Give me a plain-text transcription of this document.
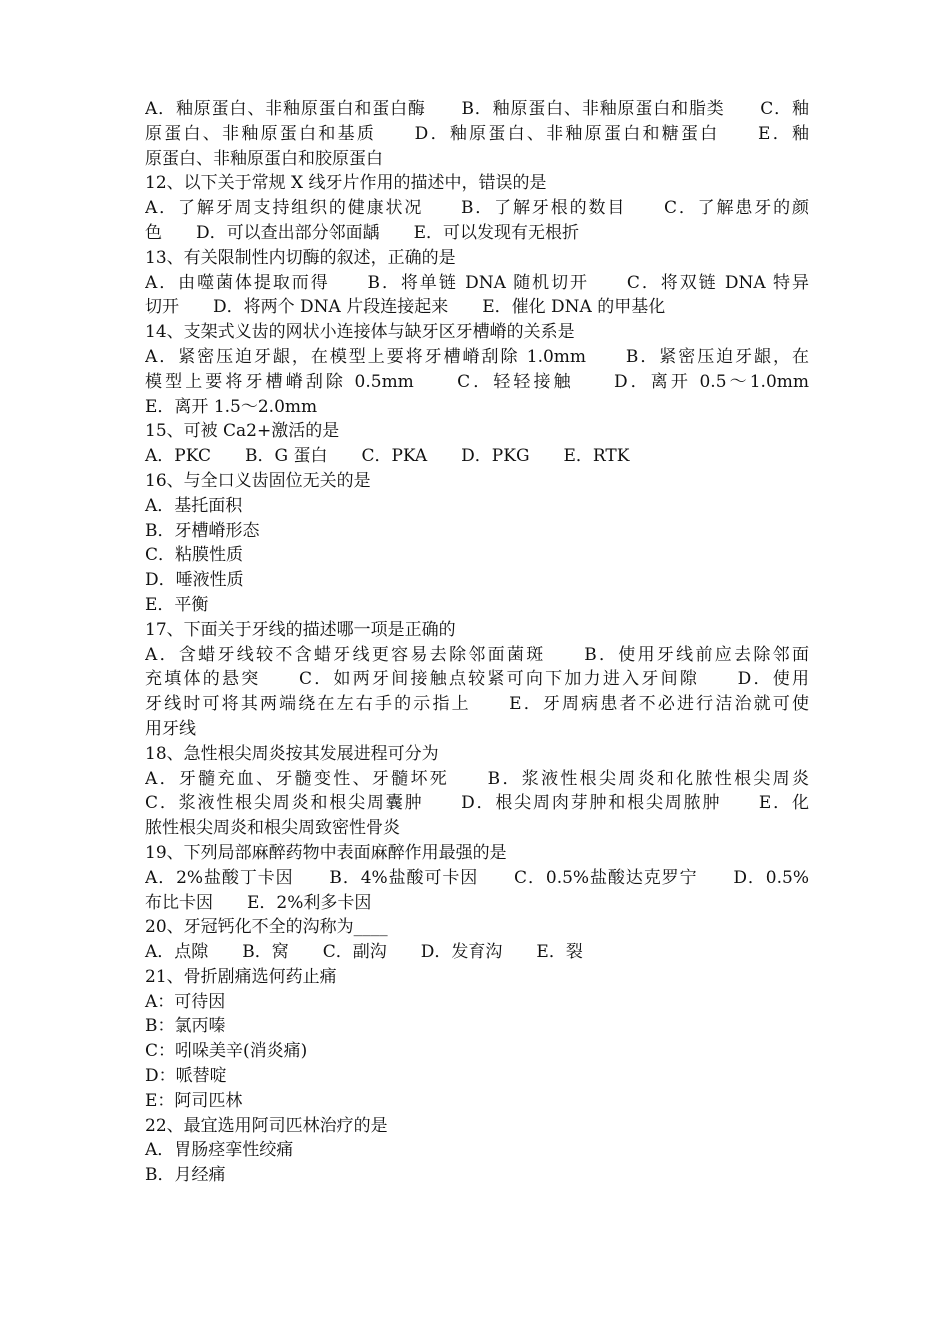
A．釉原蛋白、非釉原蛋白和蛋白酶　　B．釉原蛋白、非釉原蛋白和脂类　　C．釉
原蛋白、非釉原蛋白和基质　　D．釉原蛋白、非釉原蛋白和糖蛋白　　E．釉
原蛋白、非釉原蛋白和胶原蛋白
12、以下关于常规 X 线牙片作用的描述中，错误的是
A．了解牙周支持组织的健康状况　　B．了解牙根的数目　　C．了解患牙的颜
色　　D．可以查出部分邻面龋　　E．可以发现有无根折
13、有关限制性内切酶的叙述，正确的是
A．由噬菌体提取而得　　B．将单链 DNA 随机切开　　C．将双链 DNA 特异
切开　　D．将两个 DNA 片段连接起来　　E．催化 DNA 的甲基化
14、支架式义齿的网状小连接体与缺牙区牙槽嵴的关系是
A．紧密压迫牙龈，在模型上要将牙槽嵴刮除 1.0mm　　B．紧密压迫牙龈，在
模型上要将牙槽嵴刮除 0.5mm　　C．轻轻接触　　D．离开 0.5～1.0mm
E．离开 1.5～2.0mm
15、可被 Ca2+激活的是
A．PKC　　B．G 蛋白　　C．PKA　　D．PKG　　E．RTK
16、与全口义齿固位无关的是
A．基托面积
B．牙槽嵴形态
C．粘膜性质
D．唾液性质
E．平衡
17、下面关于牙线的描述哪一项是正确的
A．含蜡牙线较不含蜡牙线更容易去除邻面菌斑　　B．使用牙线前应去除邻面
充填体的悬突　　C．如两牙间接触点较紧可向下加力进入牙间隙　　D．使用
牙线时可将其两端绕在左右手的示指上　　E．牙周病患者不必进行洁治就可使
用牙线
18、急性根尖周炎按其发展进程可分为
A．牙髓充血、牙髓变性、牙髓坏死　　B．浆液性根尖周炎和化脓性根尖周炎
C．浆液性根尖周炎和根尖周囊肿　　D．根尖周肉芽肿和根尖周脓肿　　E．化
脓性根尖周炎和根尖周致密性骨炎
19、下列局部麻醉药物中表面麻醉作用最强的是
A．2%盐酸丁卡因　　B．4%盐酸可卡因　　C．0.5%盐酸达克罗宁　　D．0.5%
布比卡因　　E．2%利多卡因
20、牙冠钙化不全的沟称为____
A．点隙　　B．窝　　C．副沟　　D．发育沟　　E．裂
21、骨折剧痛选何药止痛
A：可待因
B：氯丙嗪
C：吲哚美辛(消炎痛)
D：哌替啶
E：阿司匹林
22、最宜选用阿司匹林治疗的是
A．胃肠痉挛性绞痛
B．月经痛
